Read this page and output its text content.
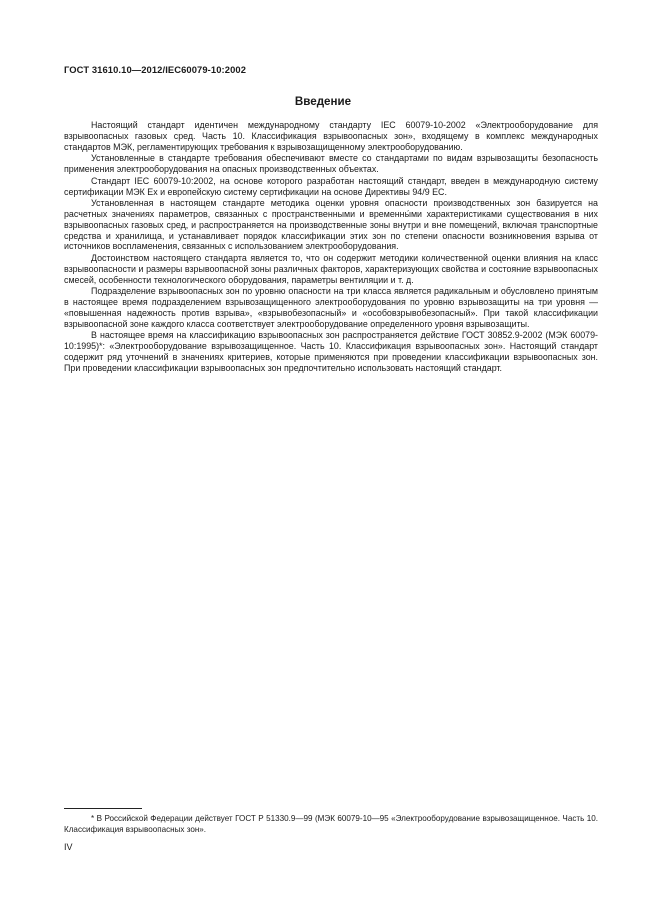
ГОСТ 31610.10—2012/IEC60079-10:2002
Введение

Настоящий стандарт идентичен международному стандарту IEC 60079-10-2002 «Электрооборудование для взрывоопасных газовых сред. Часть 10. Классификация взрывоопасных зон», входящему в комплекс международных стандартов МЭК, регламентирующих требования к взрывозащищенному электрооборудованию.

Установленные в стандарте требования обеспечивают вместе со стандартами по видам взрывозащиты безопасность применения электрооборудования на опасных производственных объектах.

Стандарт IEC 60079-10:2002, на основе которого разработан настоящий стандарт, введен в международную систему сертификации МЭК Ех и европейскую систему сертификации на основе Директивы 94/9 ЕС.

Установленная в настоящем стандарте методика оценки уровня опасности производственных зон базируется на расчетных значениях параметров, связанных с пространственными и временны́ми характеристиками существования в них взрывоопасных газовых сред, и распространяется на производственные зоны внутри и вне помещений, включая транспортные средства и хранилища, и устанавливает порядок классификации этих зон по степени опасности возникновения взрыва от источников воспламенения, связанных с использованием электрооборудования.

Достоинством настоящего стандарта является то, что он содержит методики количественной оценки влияния на класс взрывоопасности и размеры взрывоопасной зоны различных факторов, характеризующих свойства и состояние взрывоопасных смесей, особенности технологического оборудования, параметры вентиляции и т. д.

Подразделение взрывоопасных зон по уровню опасности на три класса является радикальным и обусловлено принятым в настоящее время подразделением взрывозащищенного электрооборудования по уровню взрывозащиты на три уровня — «повышенная надежность против взрыва», «взрывобезопасный» и «особовзрывобезопасный». При такой классификации взрывоопасной зоне каждого класса соответствует электрооборудование определенного уровня взрывозащиты.

В настоящее время на классификацию взрывоопасных зон распространяется действие ГОСТ 30852.9-2002 (МЭК 60079-10:1995)*: «Электрооборудование взрывозащищенное. Часть 10. Классификация взрывоопасных зон». Настоящий стандарт содержит ряд уточнений в значениях критериев, которые применяются при проведении классификации взрывоопасных зон. При проведении классификации взрывоопасных зон предпочтительно использовать настоящий стандарт.

* В Российской Федерации действует ГОСТ Р 51330.9—99 (МЭК 60079-10—95 «Электрооборудование взрывозащищенное. Часть 10. Классификация взрывоопасных зон».
IV
